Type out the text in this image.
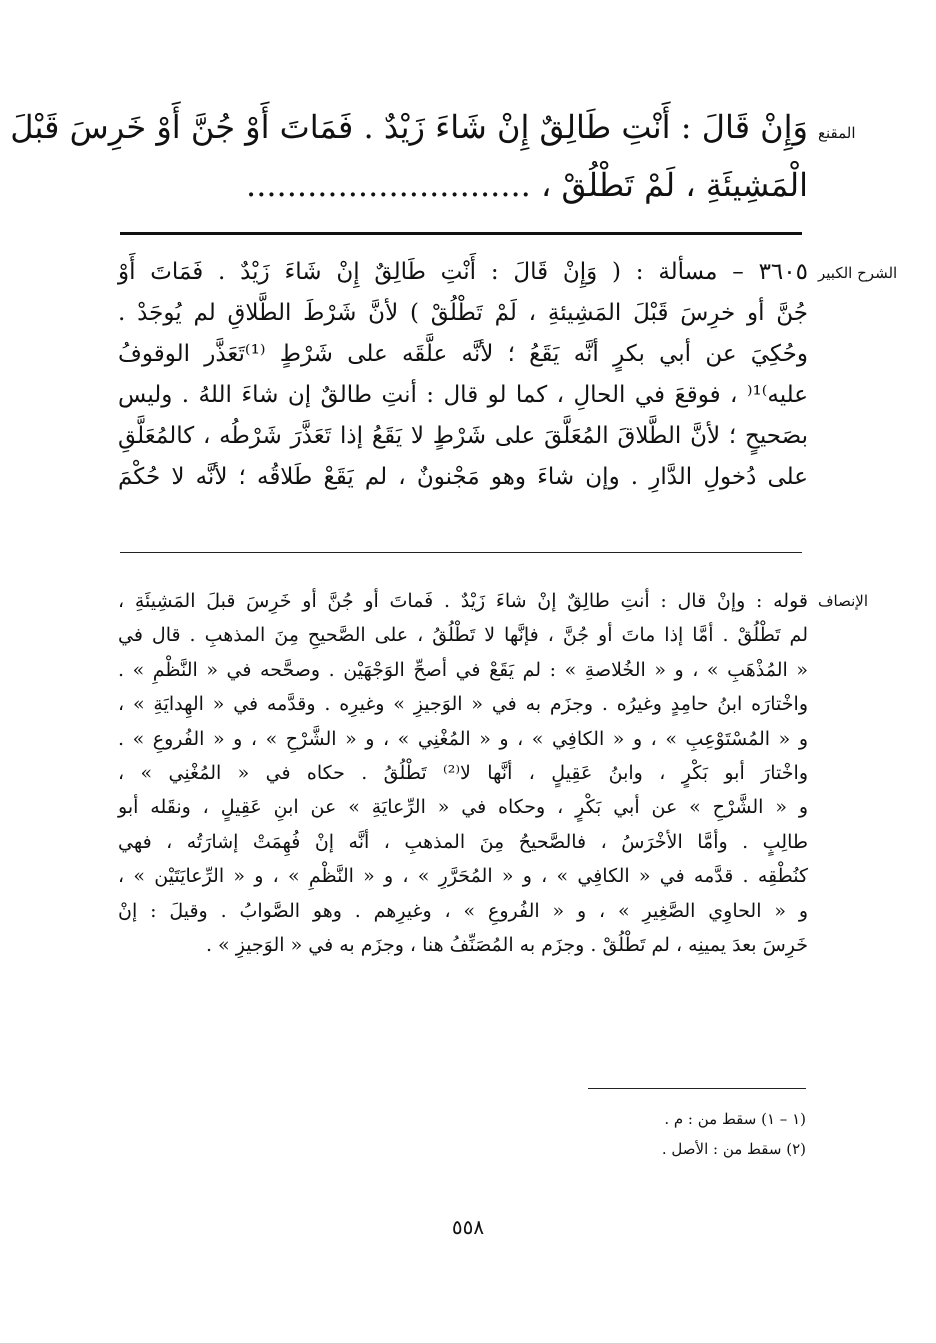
المقنع
وَإِنْ قَالَ : أَنْتِ طَالِقٌ إِنْ شَاءَ زَيْدٌ . فَمَاتَ أَوْ جُنَّ أَوْ خَرِسَ قَبْلَ
الْمَشِيئَةِ ، لَمْ تَطْلُقْ ، ............................
الشرح الكبير
٣٦٠٥ – مسألة : ( وَإِنْ قَالَ : أَنْتِ طَالِقٌ إِنْ شَاءَ زَيْدٌ . فَمَاتَ أَوْ
جُنَّ أو خرِسَ قَبْلَ المَشِيئةِ ، لَمْ تَطْلُقْ ) لأنَّ شَرْطَ الطَّلاقِ لم يُوجَدْ .
وحُكِيَ عن أبي بكرٍ أنَّه يَقَعُ ؛ لأنَّه علَّقَه على شَرْطٍ ⁽¹⁾تَعَذَّر الوقوفُ
عليه⁾¹⁽ ، فوقعَ في الحالِ ، كما لو قال : أنتِ طالقٌ إن شاءَ اللهُ . وليس
بصَحيحٍ ؛ لأنَّ الطَّلاقَ المُعَلَّقَ على شَرْطٍ لا يَقَعُ إذا تَعَذَّرَ شَرْطُه ، كالمُعَلَّقِ
على دُخولِ الدَّارِ . وإن شاءَ وهو مَجْنونٌ ، لم يَقَعْ طَلاقُه ؛ لأنَّه لا حُكْمَ
الإنصاف
قوله : وإنْ قال : أنتِ طالِقٌ إنْ شاءَ زَيْدٌ . فَماتَ أو جُنَّ أو خَرِسَ قبلَ المَشِيئَةِ ،
لم تَطْلُقْ . أمَّا إذا ماتَ أو جُنَّ ، فإنَّها لا تَطْلُقُ ، على الصَّحيحِ مِنَ المذهبِ . قال في
« المُذْهَبِ » ، و « الخُلاصةِ » : لم يَقَعْ في أصحِّ الوَجْهَيْن . وصحَّحه في « النَّظْمِ » .
واخْتارَه ابنُ حامِدٍ وغيرُه . وجزَم به في « الوَجيزِ » وغيرِه . وقدَّمه في « الهِدايَةِ » ،
و « المُسْتَوْعِبِ » ، و « الكافِي » ، و « المُغْنِي » ، و « الشَّرْحِ » ، و « الفُروعِ » .
واخْتارَ أبو بَكْرٍ ، وابنُ عَقِيلٍ ، أنَّها لا⁽²⁾ تَطْلُقُ . حكاه في « المُغْنِي » ،
و « الشَّرْحِ » عن أبي بَكْرٍ ، وحكاه في « الرِّعايَةِ » عن ابنِ عَقِيلٍ ، ونقَله أبو
طالِبٍ . وأمَّا الأخْرَسُ ، فالصَّحيحُ مِنَ المذهبِ ، أنَّه إنْ فُهِمَتْ إشارَتُه ، فهي
كنُطْقِه . قدَّمه في « الكافِي » ، و « المُحَرَّرِ » ، و « النَّظْمِ » ، و « الرِّعايَتَيْن » ،
و « الحاوِي الصَّغِيرِ » ، و « الفُروعِ » ، وغيرِهم . وهو الصَّوابُ . وقيلَ : إنْ
خَرِسَ بعدَ يمينِه ، لم تَطْلُقْ . وجزَم به المُصَنِّفُ هنا ، وجزَم به في « الوَجيزِ » .
(١ – ١) سقط من : م .
(٢) سقط من : الأصل .
٥٥٨
